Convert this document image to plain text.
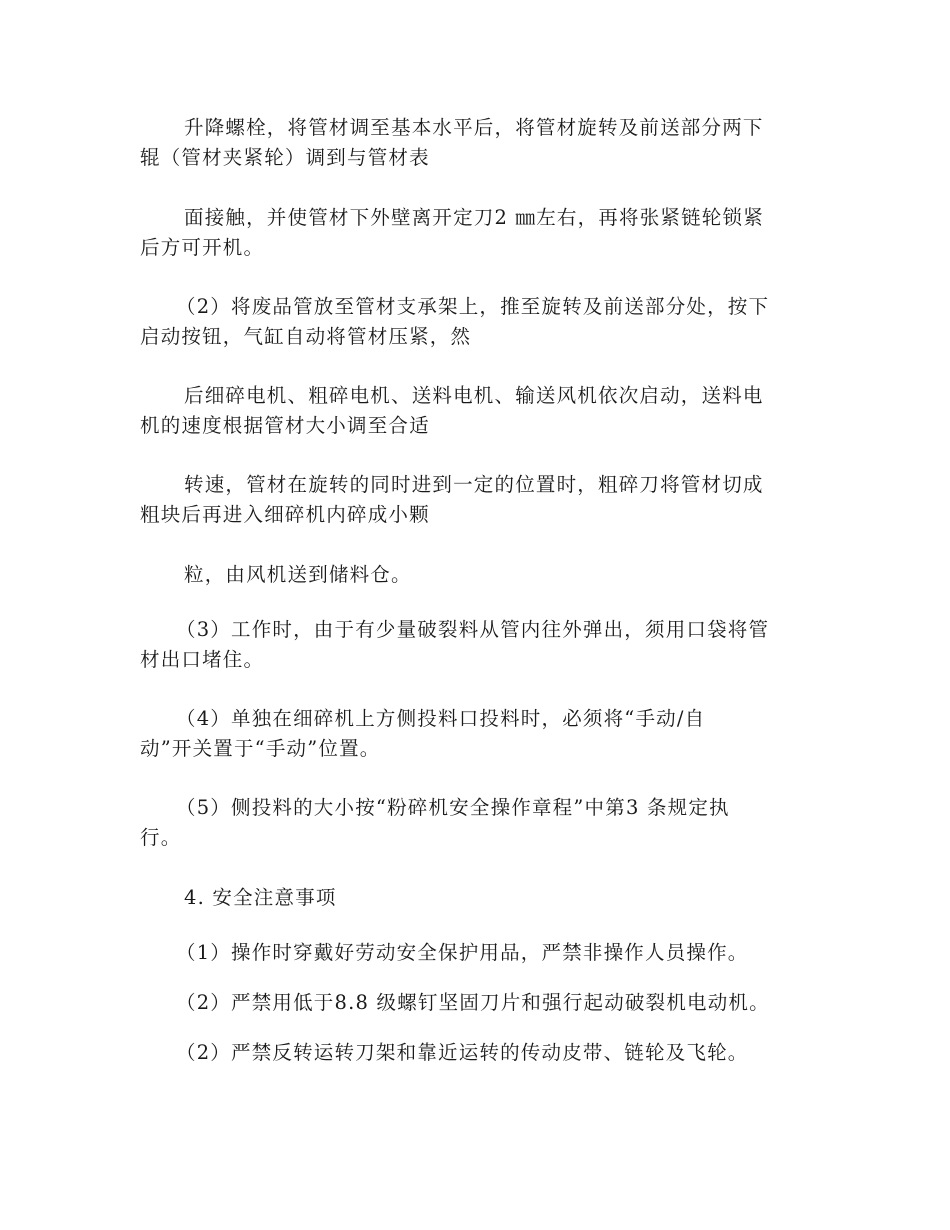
升降螺栓，将管材调至基本水平后，将管材旋转及前送部分两下
辊（管材夹紧轮）调到与管材表

面接触，并使管材下外壁离开定刀2 ㎜左右，再将张紧链轮锁紧
后方可开机。

（2）将废品管放至管材支承架上，推至旋转及前送部分处，按下
启动按钮，气缸自动将管材压紧，然

后细碎电机、粗碎电机、送料电机、输送风机依次启动，送料电
机的速度根据管材大小调至合适

转速，管材在旋转的同时进到一定的位置时，粗碎刀将管材切成
粗块后再进入细碎机内碎成小颗

粒，由风机送到储料仓。

（3）工作时，由于有少量破裂料从管内往外弹出，须用口袋将管
材出口堵住。

（4）单独在细碎机上方侧投料口投料时，必须将“手动/自
动”开关置于“手动”位置。

（5）侧投料的大小按“粉碎机安全操作章程”中第3 条规定执
行。

4. 安全注意事项

（1）操作时穿戴好劳动安全保护用品，严禁非操作人员操作。

（2）严禁用低于8.8 级螺钉坚固刀片和强行起动破裂机电动机。

（2）严禁反转运转刀架和靠近运转的传动皮带、链轮及飞轮。
